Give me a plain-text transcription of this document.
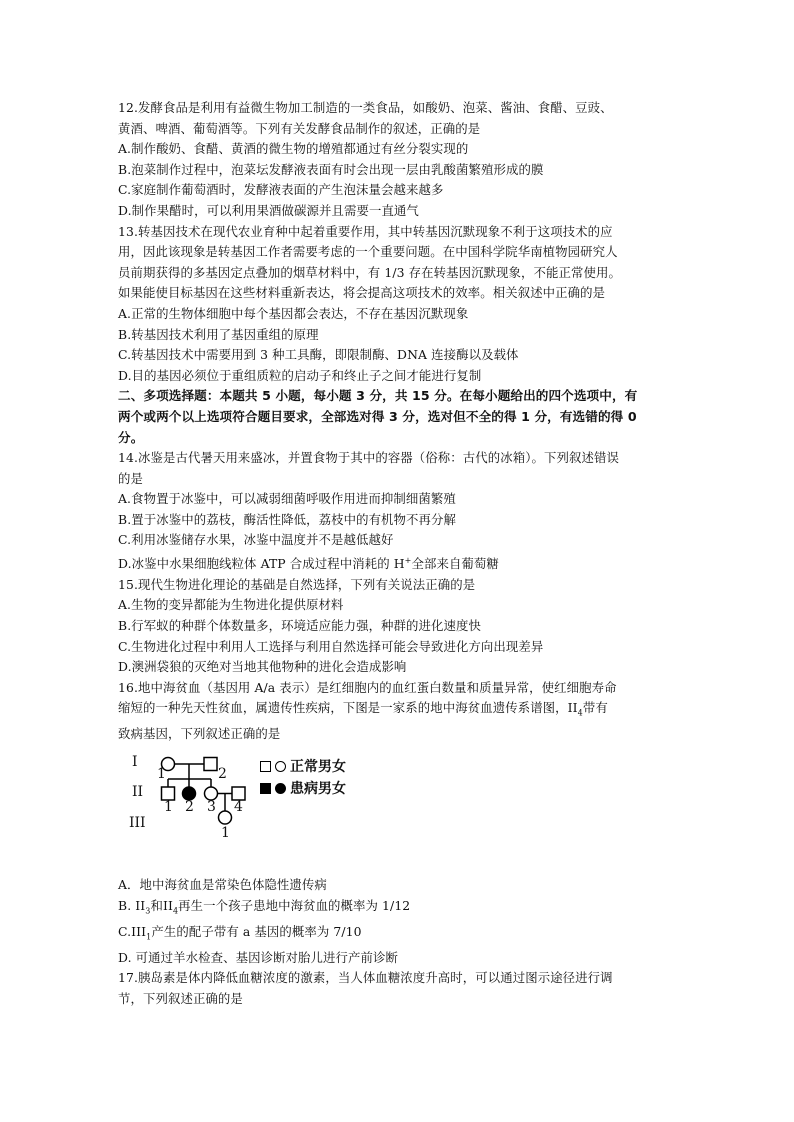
12.发酵食品是利用有益微生物加工制造的一类食品，如酸奶、泡菜、酱油、食醋、豆豉、
黄酒、啤酒、葡萄酒等。下列有关发酵食品制作的叙述，正确的是
A.制作酸奶、食醋、黄酒的微生物的增殖都通过有丝分裂实现的
B.泡菜制作过程中，泡菜坛发酵液表面有时会出现一层由乳酸菌繁殖形成的膜
C.家庭制作葡萄酒时，发酵液表面的产生泡沫量会越来越多
D.制作果醋时，可以利用果酒做碳源并且需要一直通气
13.转基因技术在现代农业育种中起着重要作用，其中转基因沉默现象不利于这项技术的应
用，因此该现象是转基因工作者需要考虑的一个重要问题。在中国科学院华南植物园研究人
员前期获得的多基因定点叠加的烟草材料中，有 1/3 存在转基因沉默现象，不能正常使用。
如果能使目标基因在这些材料重新表达，将会提高这项技术的效率。相关叙述中正确的是
A.正常的生物体细胞中每个基因都会表达，不存在基因沉默现象
B.转基因技术利用了基因重组的原理
C.转基因技术中需要用到 3 种工具酶，即限制酶、DNA 连接酶以及载体
D.目的基因必须位于重组质粒的启动子和终止子之间才能进行复制
二、多项选择题：本题共 5 小题，每小题 3 分，共 15 分。在每小题给出的四个选项中，有
两个或两个以上选项符合题目要求，全部选对得 3 分，选对但不全的得 1 分，有选错的得 0
分。
14.冰鉴是古代暑天用来盛冰，并置食物于其中的容器（俗称：古代的冰箱）。下列叙述错误
的是
A.食物置于冰鉴中，可以减弱细菌呼吸作用进而抑制细菌繁殖
B.置于冰鉴中的荔枝，酶活性降低，荔枝中的有机物不再分解
C.利用冰鉴储存水果，冰鉴中温度并不是越低越好
D.冰鉴中水果细胞线粒体 ATP 合成过程中消耗的 H+全部来自葡萄糖
15.现代生物进化理论的基础是自然选择，下列有关说法正确的是
A.生物的变异都能为生物进化提供原材料
B.行军蚁的种群个体数量多，环境适应能力强，种群的进化速度快
C.生物进化过程中利用人工选择与利用自然选择可能会导致进化方向出现差异
D.澳洲袋狼的灭绝对当地其他物种的进化会造成影响
16.地中海贫血（基因用 A/a 表示）是红细胞内的血红蛋白数量和质量异常，使红细胞寿命
缩短的一种先天性贫血，属遗传性疾病，下图是一家系的地中海贫血遗传系谱图，$II_4$带有
致病基因，下列叙述正确的是
I
II
III
1	2
1 2 3 4
1
正常男女
患病男女
A．地中海贫血是常染色体隐性遗传病
B. $II_3$和$II_4$再生一个孩子患地中海贫血的概率为 1/12
$C.III_1$产生的配子带有 a 基因的概率为 7/10
D. 可通过羊水检查、基因诊断对胎儿进行产前诊断
17.胰岛素是体内降低血糖浓度的激素，当人体血糖浓度升高时，可以通过图示途径进行调
节，下列叙述正确的是
